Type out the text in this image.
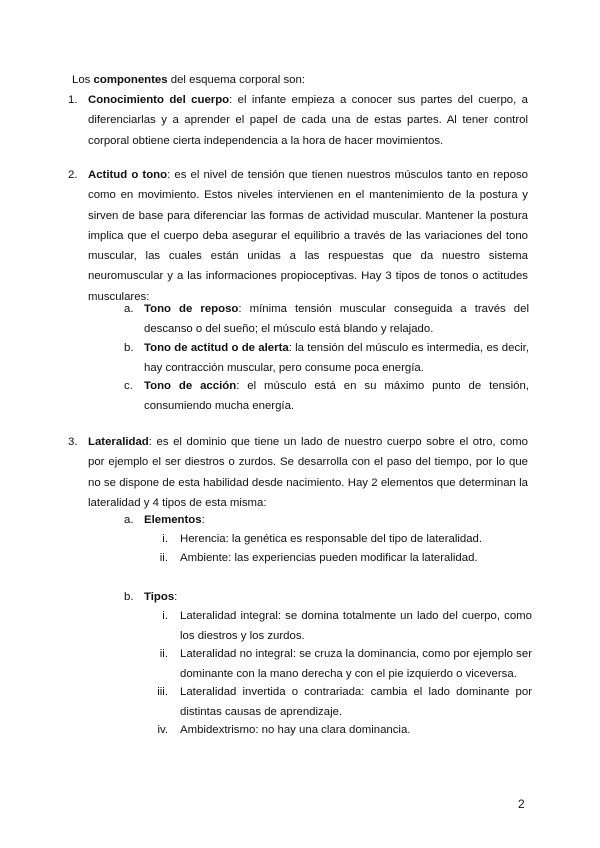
Los componentes del esquema corporal son:
1. Conocimiento del cuerpo: el infante empieza a conocer sus partes del cuerpo, a diferenciarlas y a aprender el papel de cada una de estas partes. Al tener control corporal obtiene cierta independencia a la hora de hacer movimientos.
2. Actitud o tono: es el nivel de tensión que tienen nuestros músculos tanto en reposo como en movimiento. Estos niveles intervienen en el mantenimiento de la postura y sirven de base para diferenciar las formas de actividad muscular. Mantener la postura implica que el cuerpo deba asegurar el equilibrio a través de las variaciones del tono muscular, las cuales están unidas a las respuestas que da nuestro sistema neuromuscular y a las informaciones propioceptivas. Hay 3 tipos de tonos o actitudes musculares:
a. Tono de reposo: mínima tensión muscular conseguida a través del descanso o del sueño; el músculo está blando y relajado.
b. Tono de actitud o de alerta: la tensión del músculo es intermedia, es decir, hay contracción muscular, pero consume poca energía.
c. Tono de acción: el músculo está en su máximo punto de tensión, consumiendo mucha energía.
3. Lateralidad: es el dominio que tiene un lado de nuestro cuerpo sobre el otro, como por ejemplo el ser diestros o zurdos. Se desarrolla con el paso del tiempo, por lo que no se dispone de esta habilidad desde nacimiento. Hay 2 elementos que determinan la lateralidad y 4 tipos de esta misma:
a. Elementos:
i. Herencia: la genética es responsable del tipo de lateralidad.
ii. Ambiente: las experiencias pueden modificar la lateralidad.
b. Tipos:
i. Lateralidad integral: se domina totalmente un lado del cuerpo, como los diestros y los zurdos.
ii. Lateralidad no integral: se cruza la dominancia, como por ejemplo ser dominante con la mano derecha y con el pie izquierdo o viceversa.
iii. Lateralidad invertida o contrariada: cambia el lado dominante por distintas causas de aprendizaje.
iv. Ambidextrismo: no hay una clara dominancia.
2
